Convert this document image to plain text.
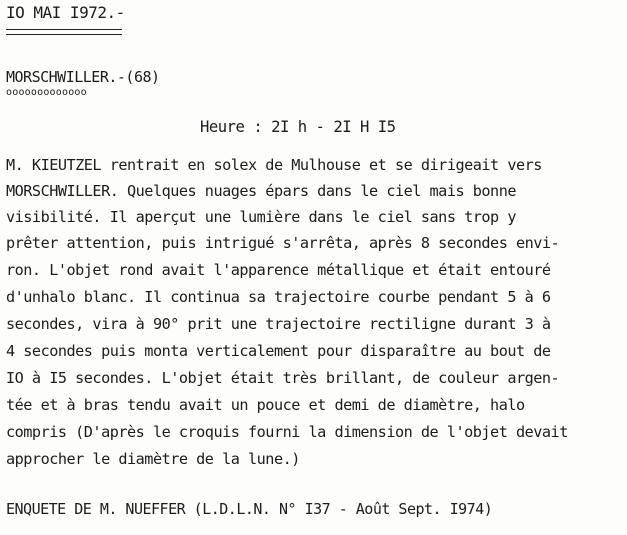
IO MAI I972.-
MORSCHWILLER.-(68)
ooooooooooooo
Heure : 2I h - 2I H I5
M. KIEUTZEL rentrait en solex de Mulhouse et se dirigeait vers
MORSCHWILLER. Quelques nuages épars dans le ciel mais bonne
visibilité. Il aperçut une lumière dans le ciel sans trop y
prêter attention, puis intrigué s'arrêta, après 8 secondes envi-
ron. L'objet rond avait l'apparence métallique et était entouré
d'unhalo blanc. Il continua sa trajectoire courbe pendant 5 à 6
secondes, vira à 90° prit une trajectoire rectiligne durant 3 à
4 secondes puis monta verticalement pour disparaître au bout de
IO à I5 secondes. L'objet était très brillant, de couleur argen-
tée et à bras tendu avait un pouce et demi de diamètre, halo
compris (D'après le croquis fourni la dimension de l'objet devait
approcher le diamètre de la lune.)
ENQUETE DE M. NUEFFER (L.D.L.N. N° I37 - Août Sept. I974)
